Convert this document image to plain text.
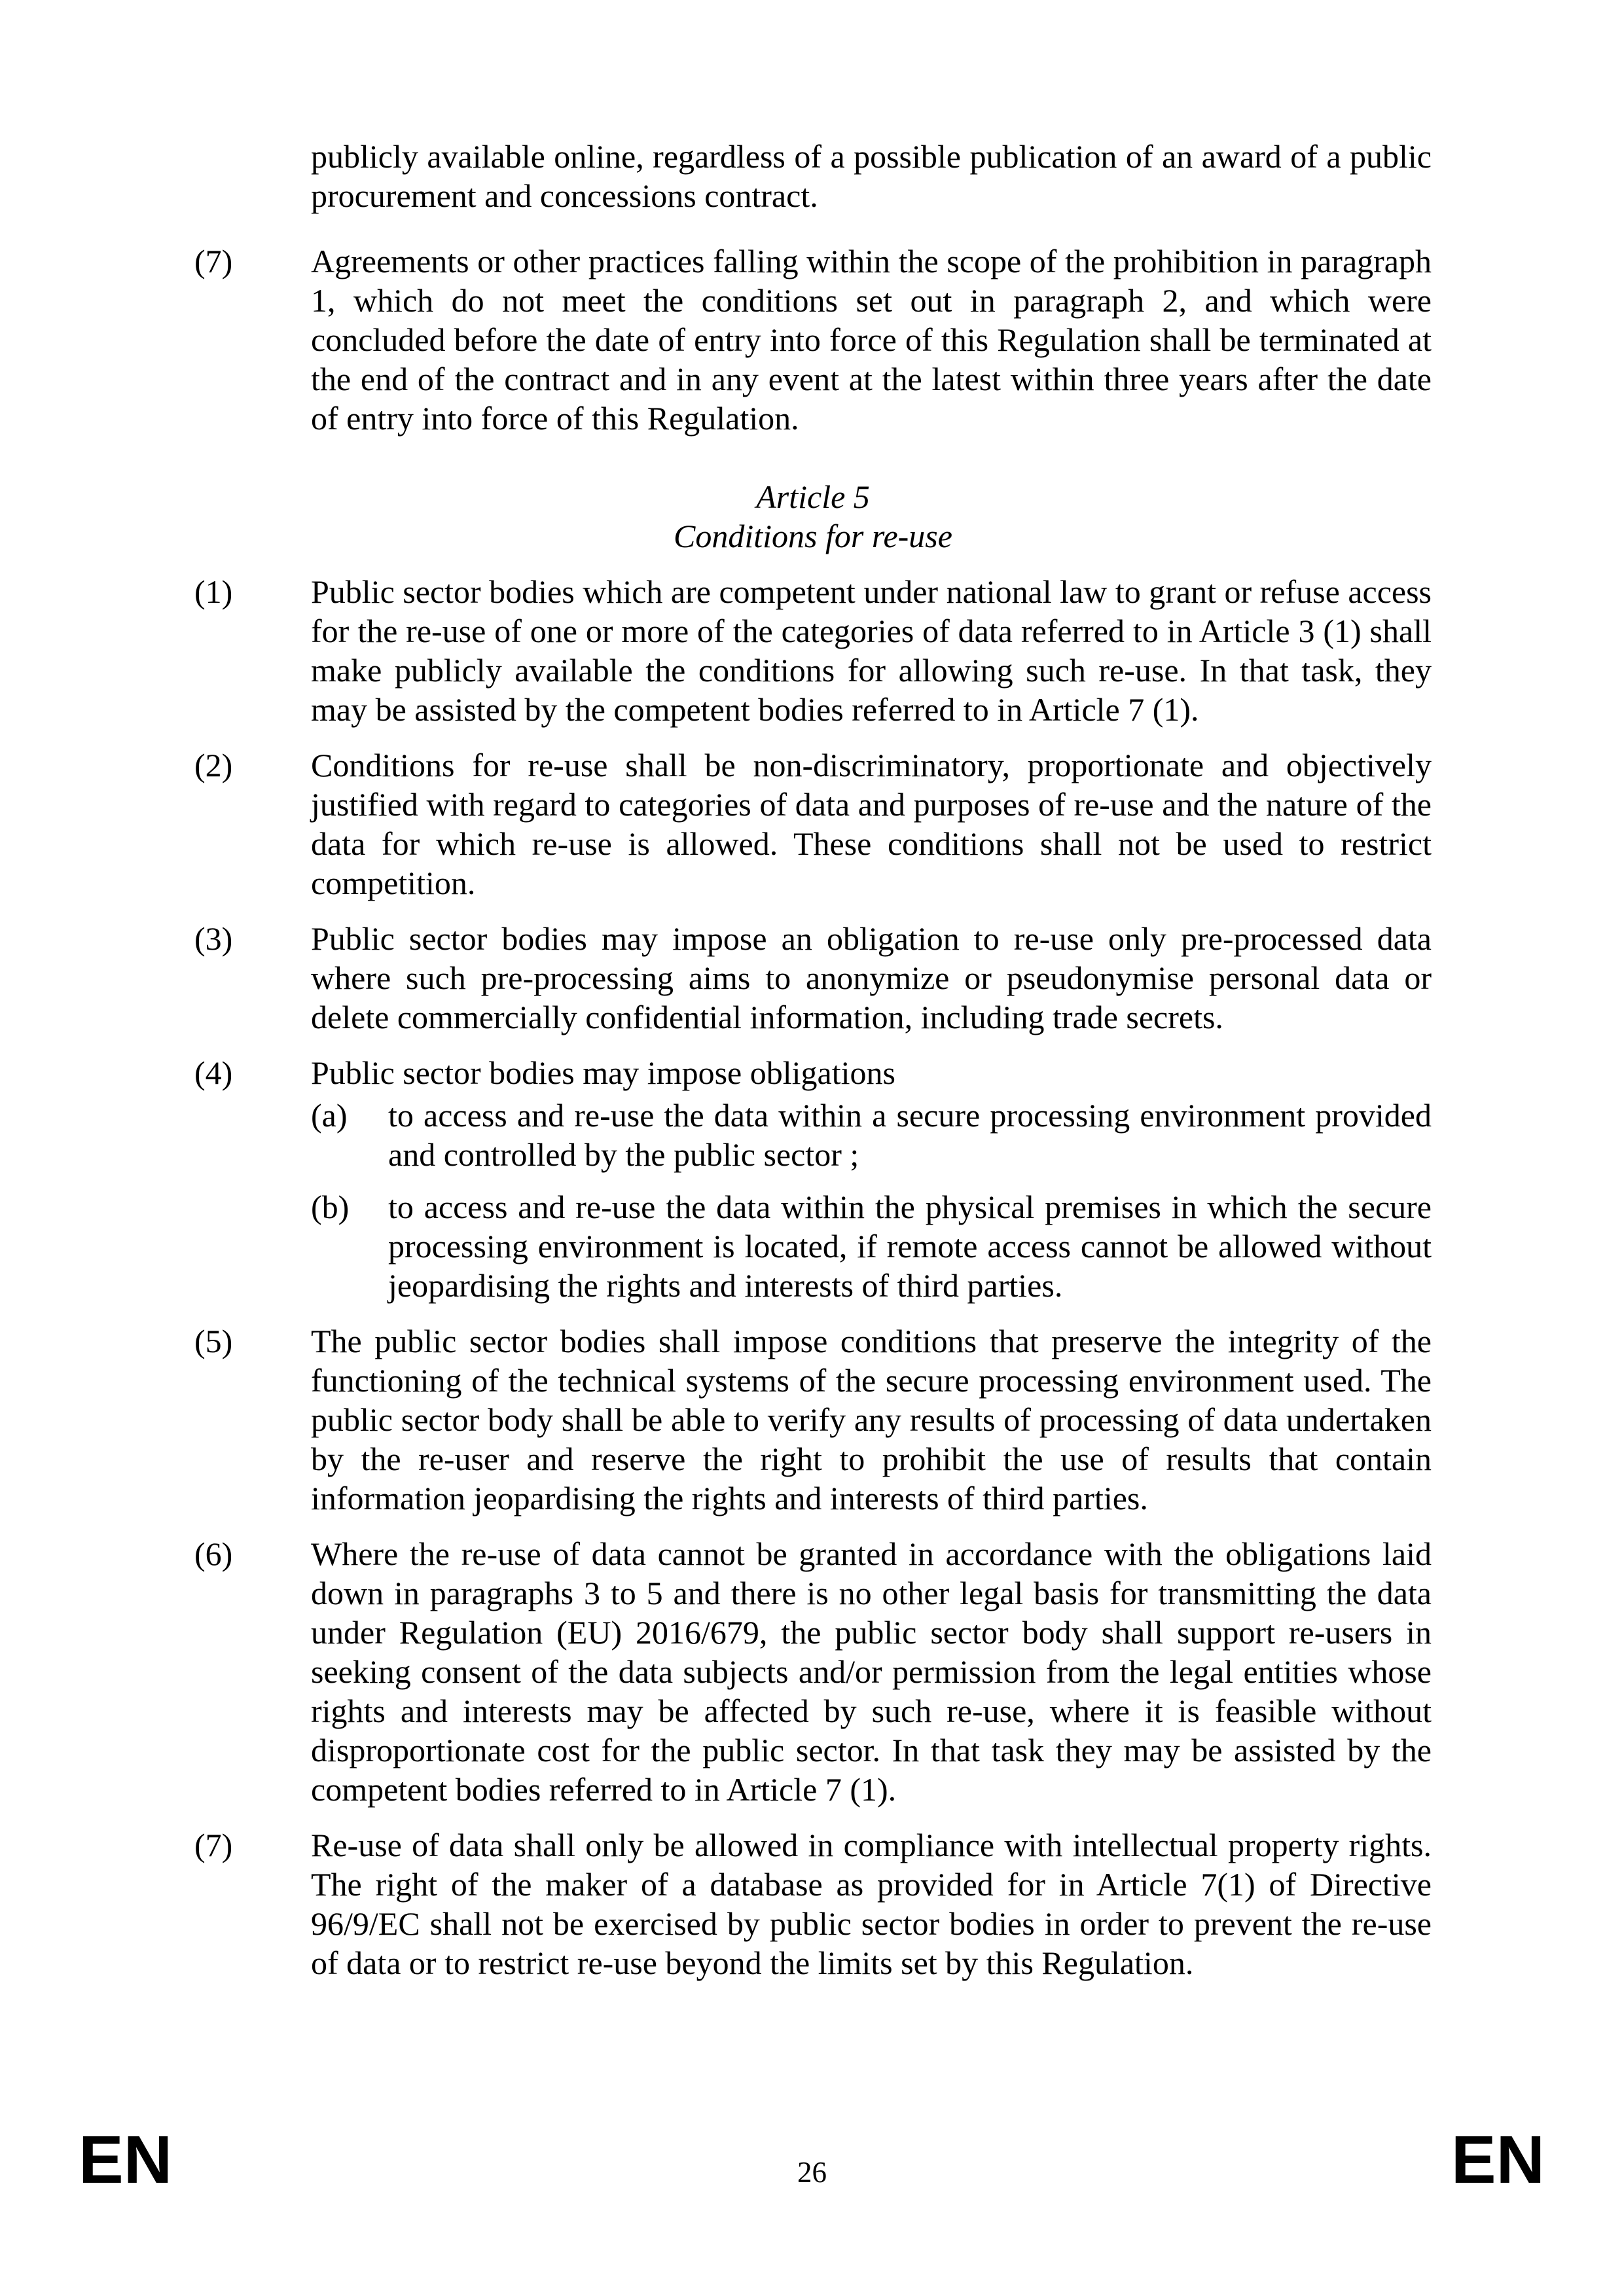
publicly available online, regardless of a possible publication of an award of a public procurement and concessions contract.

(7) Agreements or other practices falling within the scope of the prohibition in paragraph 1, which do not meet the conditions set out in paragraph 2, and which were concluded before the date of entry into force of this Regulation shall be terminated at the end of the contract and in any event at the latest within three years after the date of entry into force of this Regulation.

Article 5
Conditions for re-use
(1) Public sector bodies which are competent under national law to grant or refuse access for the re-use of one or more of the categories of data referred to in Article 3 (1) shall make publicly available the conditions for allowing such re-use. In that task, they may be assisted by the competent bodies referred to in Article 7 (1).

(2) Conditions for re-use shall be non-discriminatory, proportionate and objectively justified with regard to categories of data and purposes of re-use and the nature of the data for which re-use is allowed. These conditions shall not be used to restrict competition.

(3) Public sector bodies may impose an obligation to re-use only pre-processed data where such pre-processing aims to anonymize or pseudonymise personal data or delete commercially confidential information, including trade secrets.

(4) Public sector bodies may impose obligations

(a) to access and re-use the data within a secure processing environment provided and controlled by the public sector ;

(b) to access and re-use the data within the physical premises in which the secure processing environment is located, if remote access cannot be allowed without jeopardising the rights and interests of third parties.

(5) The public sector bodies shall impose conditions that preserve the integrity of the functioning of the technical systems of the secure processing environment used. The public sector body shall be able to verify any results of processing of data undertaken by the re-user and reserve the right to prohibit the use of results that contain information jeopardising the rights and interests of third parties.

(6) Where the re-use of data cannot be granted in accordance with the obligations laid down in paragraphs 3 to 5 and there is no other legal basis for transmitting the data under Regulation (EU) 2016/679, the public sector body shall support re-users in seeking consent of the data subjects and/or permission from the legal entities whose rights and interests may be affected by such re-use, where it is feasible without disproportionate cost for the public sector. In that task they may be assisted by the competent bodies referred to in Article 7 (1).

(7) Re-use of data shall only be allowed in compliance with intellectual property rights. The right of the maker of a database as provided for in Article 7(1) of Directive 96/9/EC shall not be exercised by public sector bodies in order to prevent the re-use of data or to restrict re-use beyond the limits set by this Regulation.

EN	26	EN
